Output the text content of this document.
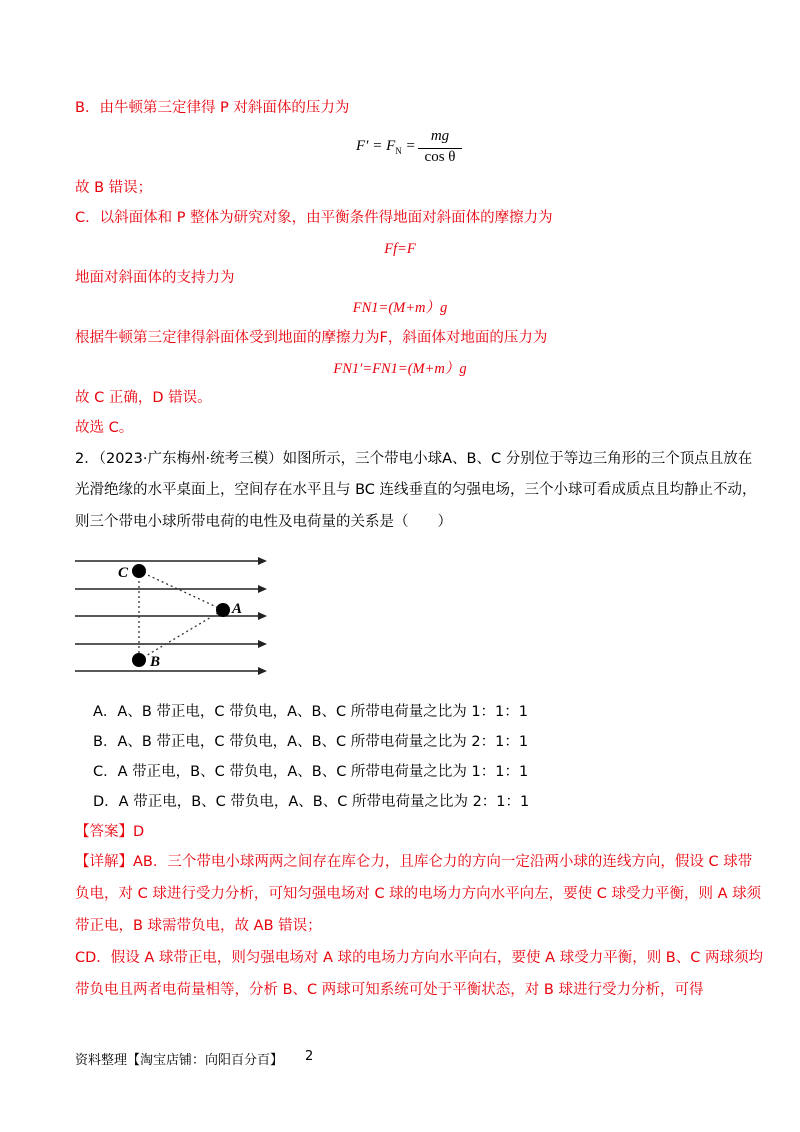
B．由牛顿第三定律得 P 对斜面体的压力为
$F' = F_N$ =
mg
cos θ
故 B 错误；
C．以斜面体和 P 整体为研究对象，由平衡条件得地面对斜面体的摩擦力为
Ff=F
地面对斜面体的支持力为
FN1=(M+m）g
根据牛顿第三定律得斜面体受到地面的摩擦力为F，斜面体对地面的压力为
FN1′=FN1=(M+m）g
故 C 正确，D 错误。
故选 C。
2．（2023·广东梅州·统考三模）如图所示，三个带电小球A、B、C 分别位于等边三角形的三个顶点且放在
光滑绝缘的水平桌面上，空间存在水平且与 BC 连线垂直的匀强电场，三个小球可看成质点且均静止不动，
则三个带电小球所带电荷的电性及电荷量的关系是（　　）
C
A
B
A．A、B 带正电，C 带负电，A、B、C 所带电荷量之比为 1：1：1
B．A、B 带正电，C 带负电，A、B、C 所带电荷量之比为 2：1：1
C．A 带正电，B、C 带负电，A、B、C 所带电荷量之比为 1：1：1
D．A 带正电，B、C 带负电，A、B、C 所带电荷量之比为 2：1：1
【答案】D
【详解】AB．三个带电小球两两之间存在库仑力，且库仑力的方向一定沿两小球的连线方向，假设 C 球带
负电，对 C 球进行受力分析，可知匀强电场对 C 球的电场力方向水平向左，要使 C 球受力平衡，则 A 球须
带正电，B 球需带负电，故 AB 错误；
CD．假设 A 球带正电，则匀强电场对 A 球的电场力方向水平向右，要使 A 球受力平衡，则 B、C 两球须均
带负电且两者电荷量相等，分析 B、C 两球可知系统可处于平衡状态，对 B 球进行受力分析，可得
资料整理【淘宝店铺：向阳百分百】 2
